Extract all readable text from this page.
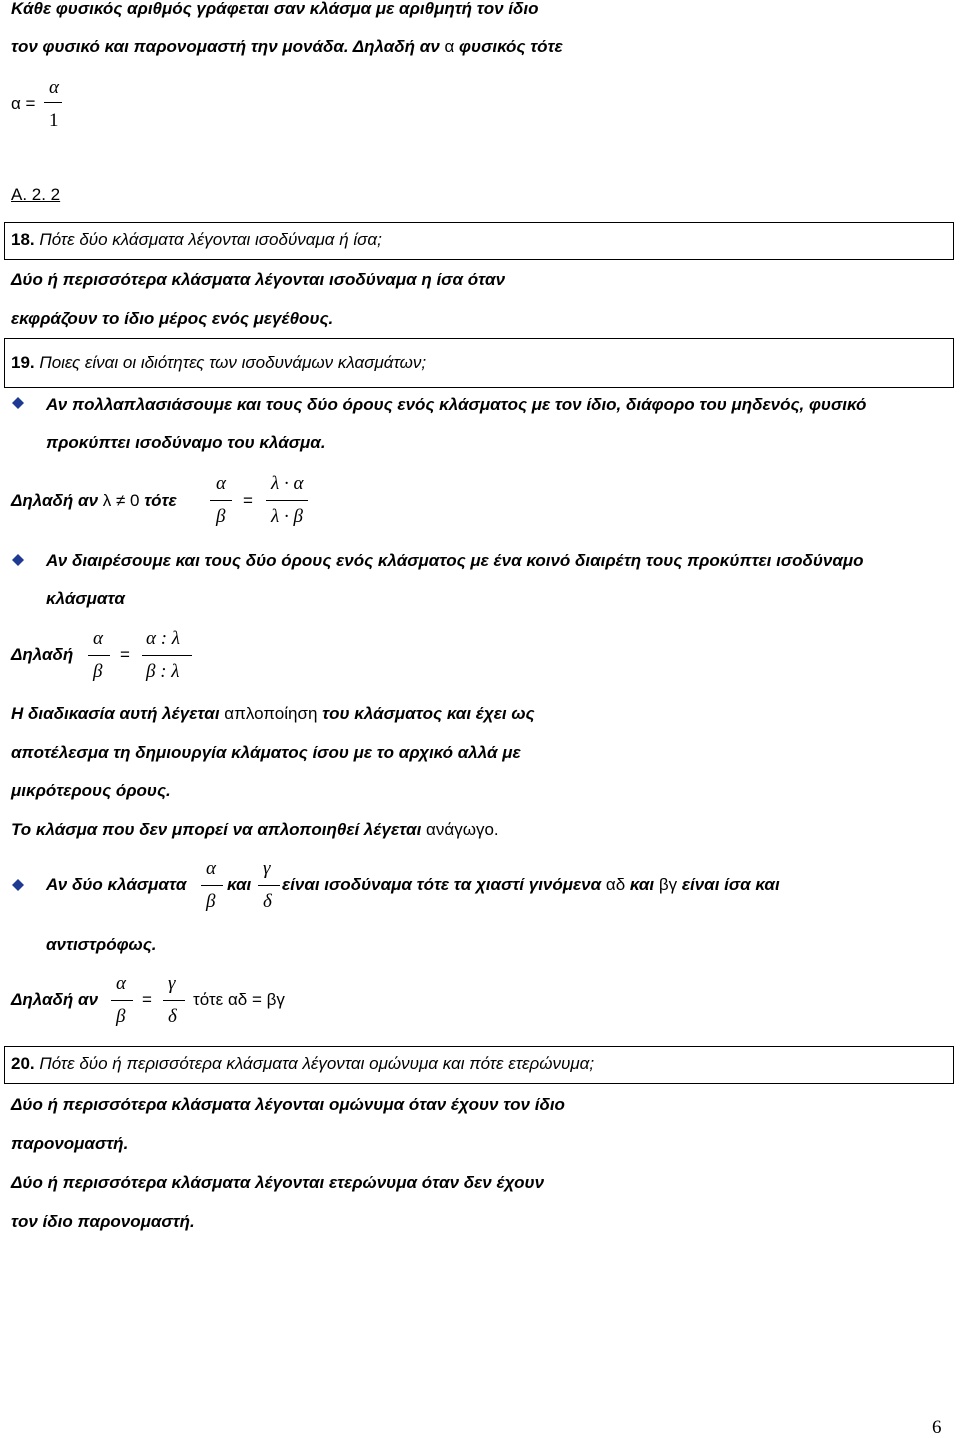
Κάθε φυσικός αριθμός γράφεται σαν κλάσμα με αριθμητή τον ίδιο
τον φυσικό και παρονομαστή την μονάδα. Δηλαδή αν α φυσικός τότε
α =
α
1
Α. 2. 2
18. Πότε δύο κλάσματα λέγονται ισοδύναμα ή ίσα;
Δύο ή περισσότερα κλάσματα λέγονται ισοδύναμα η ίσα όταν
εκφράζουν το ίδιο μέρος ενός μεγέθους.
19. Ποιες είναι οι ιδιότητες των ισοδυνάμων κλασμάτων;
Αν πολλαπλασιάσουμε και τους δύο όρους ενός κλάσματος με τον ίδιο, διάφορο του μηδενός, φυσικό
προκύπτει ισοδύναμο του κλάσμα.
Δηλαδή αν λ ≠ 0 τότε
α
β
=
λ · α
λ · β
Αν διαιρέσουμε και τους δύο όρους ενός κλάσματος με ένα κοινό διαιρέτη τους προκύπτει ισοδύναμο
κλάσματα
Δηλαδή
α
β
=
α : λ
β : λ
Η διαδικασία αυτή λέγεται απλοποίηση του κλάσματος και έχει ως
αποτέλεσμα τη δημιουργία κλάματος ίσου με το αρχικό αλλά με
μικρότερους όρους.
Το κλάσμα που δεν μπορεί να απλοποιηθεί λέγεται ανάγωγο.
Αν δύο κλάσματα
α
β
και
γ
δ
είναι ισοδύναμα τότε τα χιαστί γινόμενα αδ και βγ είναι ίσα και
αντιστρόφως.
Δηλαδή αν
α
β
=
γ
δ
τότε αδ = βγ
20. Πότε δύο ή περισσότερα κλάσματα λέγονται ομώνυμα και πότε ετερώνυμα;
Δύο ή περισσότερα κλάσματα λέγονται ομώνυμα όταν έχουν τον ίδιο
παρονομαστή.
Δύο ή περισσότερα κλάσματα λέγονται ετερώνυμα όταν δεν έχουν
τον ίδιο παρονομαστή.
6
